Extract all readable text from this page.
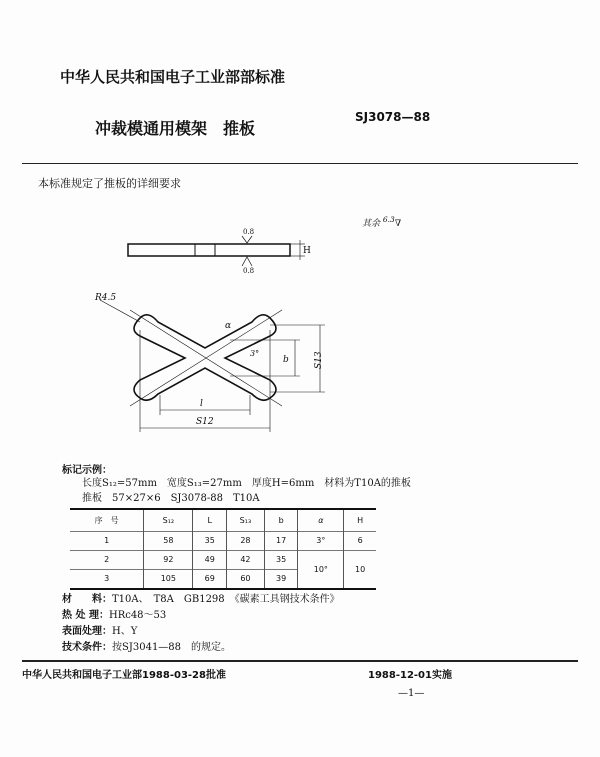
中华人民共和国电子工业部部标准
冲裁模通用模架　推板
SJ3078—88
本标准规定了推板的详细要求
其余 $^{6.3}$∇
H
0.8
0.8
R4.5
α
3°
b	S13
l
S12
标记示例：
长度S₁₂=57mm　宽度S₁₃=27mm　厚度H=6mm　材料为T10A的推板
推板　57×27×6　SJ3078-88　T10A
序　号	S₁₂	L	S₁₃	b	α	H
1	58	35	28	17	3°	6
2	92	49	42	35	10°	10
3	105	69	60	39		
材　　料：T10A、　T8A　GB1298　《碳素工具钢技术条件》
热 处 理：HRc48～53
表面处理：H、Y
技术条件：按SJ3041—88　的规定。
中华人民共和国电子工业部1988-03-28批准	1988-12-01实施
—1—
